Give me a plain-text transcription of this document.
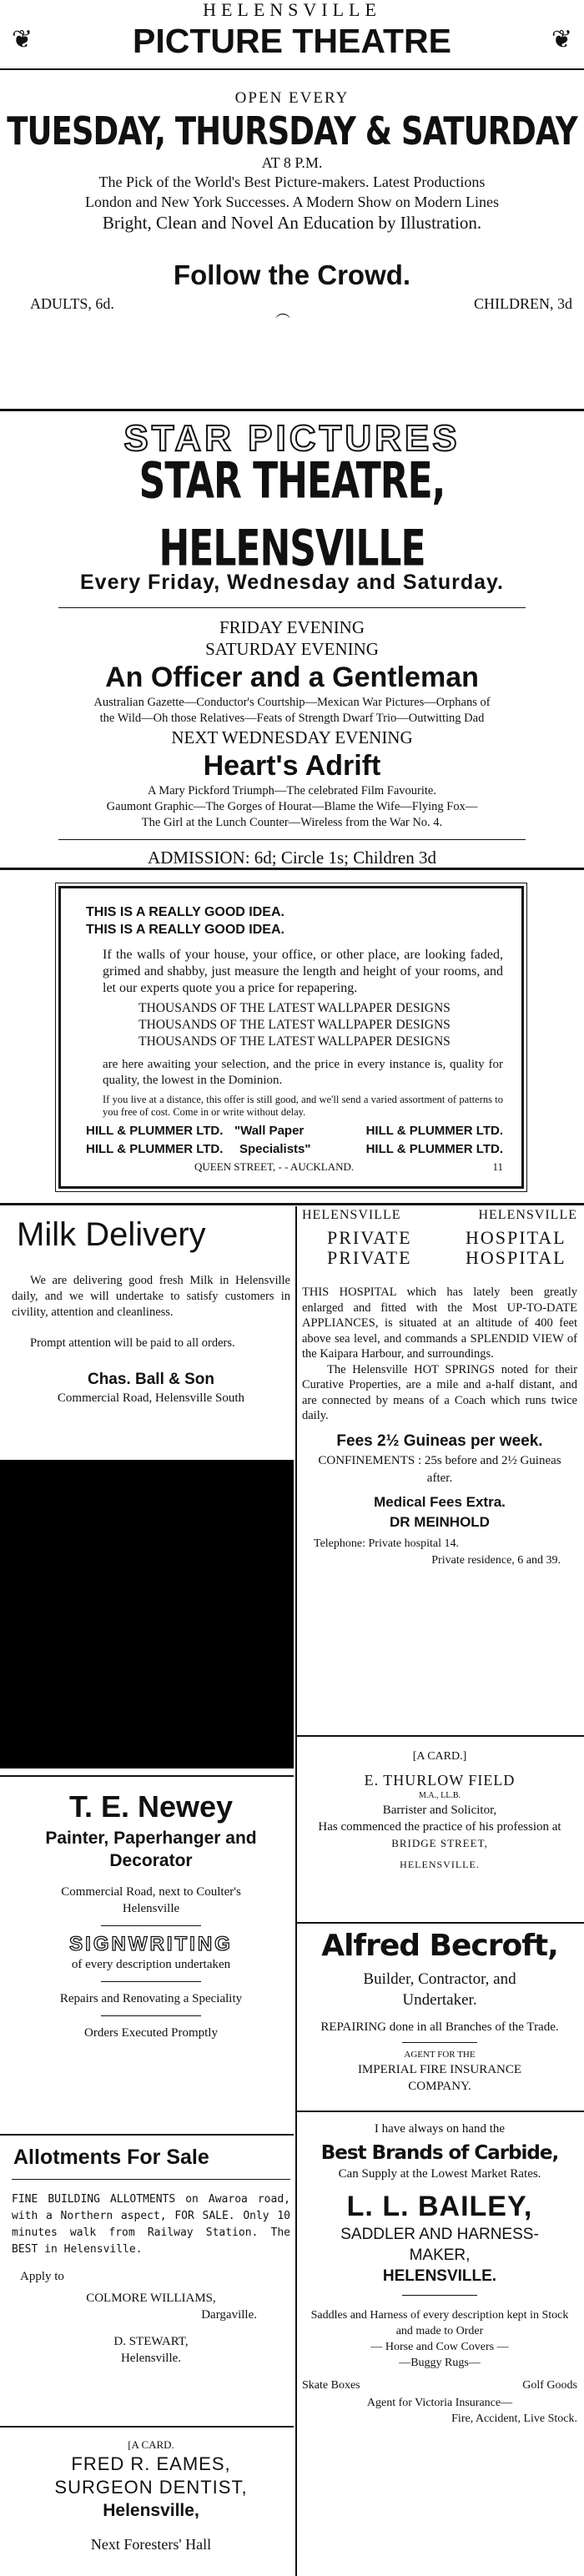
HELENSVILLE
❦	PICTURE THEATRE	❦
OPEN EVERY
TUESDAY, THURSDAY & SATURDAY
AT 8 P.M.
The Pick of the World's Best Picture-makers. Latest Productions
London and New York Successes. A Modern Show on Modern Lines
Bright, Clean and Novel An Education by Illustration.
Follow the Crowd.
ADULTS, 6d.	︵	CHILDREN, 3d
STAR PICTURES
STAR THEATRE, HELENSVILLE
Every Friday, Wednesday and Saturday.
FRIDAY EVENING
SATURDAY EVENING
An Officer and a Gentleman
Australian Gazette—Conductor's Courtship—Mexican War Pictures—Orphans of
the Wild—Oh those Relatives—Feats of Strength Dwarf Trio—Outwitting Dad
NEXT WEDNESDAY EVENING
Heart's Adrift
A Mary Pickford Triumph—The celebrated Film Favourite.
Gaumont Graphic—The Gorges of Hourat—Blame the Wife—Flying Fox—
The Girl at the Lunch Counter—Wireless from the War No. 4.
ADMISSION: 6d; Circle 1s; Children 3d
THIS IS A REALLY GOOD IDEA.
THIS IS A REALLY GOOD IDEA.

If the walls of your house, your office, or other place, are looking faded, grimed and shabby, just measure the length and height of your rooms, and let our experts quote you a price for repapering.

THOUSANDS OF THE LATEST WALLPAPER DESIGNS
THOUSANDS OF THE LATEST WALLPAPER DESIGNS
THOUSANDS OF THE LATEST WALLPAPER DESIGNS

are here awaiting your selection, and the price in every instance is, quality for quality, the lowest in the Dominion.

If you live at a distance, this offer is still good, and we'll send a varied assortment of patterns to you free of cost. Come in or write without delay.

HILL & PLUMMER LTD. "Wall Paper	HILL & PLUMMER LTD.
HILL & PLUMMER LTD. Specialists"	HILL & PLUMMER LTD.
QUEEN STREET, - - AUCKLAND.	11
Milk Delivery

We are delivering good fresh Milk in Helensville daily, and we will undertake to satisfy customers in civility, attention and cleanliness.

Prompt attention will be paid to all orders.

Chas. Ball & Son
Commercial Road, Helensville South
T. E. Newey
Painter, Paperhanger and Decorator
Commercial Road, next to Coulter's Helensville
SIGNWRITING
of every description undertaken
Repairs and Renovating a Speciality
Orders Executed Promptly
Allotments For Sale

FINE BUILDING ALLOTMENTS on Awaroa road, with a Northern aspect, FOR SALE. Only 10 minutes walk from Railway Station. The BEST in Helensville.

Apply to
COLMORE WILLIAMS,
Dargaville.
D. STEWART,
Helensville.
[A CARD.
FRED R. EAMES,
SURGEON DENTIST,
Helensville,
Next Foresters' Hall
HELENSVILLE	HELENSVILLE
PRIVATE	HOSPITAL
PRIVATE	HOSPITAL

THIS HOSPITAL which has lately been greatly enlarged and fitted with the Most UP-TO-DATE APPLIANCES, is situated at an altitude of 400 feet above sea level, and commands a SPLENDID VIEW of the Kaipara Harbour, and surroundings.

The Helensville HOT SPRINGS noted for their Curative Properties, are a mile and a-half distant, and are connected by means of a Coach which runs twice daily.

Fees 2½ Guineas per week.
CONFINEMENTS : 25s before and 2½ Guineas after.
Medical Fees Extra.
DR MEINHOLD
Telephone: Private hospital 14.
Private residence, 6 and 39.
[A CARD.]
E. THURLOW FIELD
M.A., LL.B.
Barrister and Solicitor,
Has commenced the practice of his profession at
BRIDGE STREET,
HELENSVILLE.
Alfred Becroft,
Builder, Contractor, and Undertaker.
REPAIRING done in all Branches of the Trade.
AGENT FOR THE
IMPERIAL FIRE INSURANCE COMPANY.
I have always on hand the
Best Brands of Carbide,
Can Supply at the Lowest Market Rates.
L. L. BAILEY,
SADDLER AND HARNESS-MAKER,
HELENSVILLE.
Saddles and Harness of every description kept in Stock and made to Order
— Horse and Cow Covers —
—Buggy Rugs—
Skate Boxes	Golf Goods
Agent for Victoria Insurance—
Fire, Accident, Live Stock.
